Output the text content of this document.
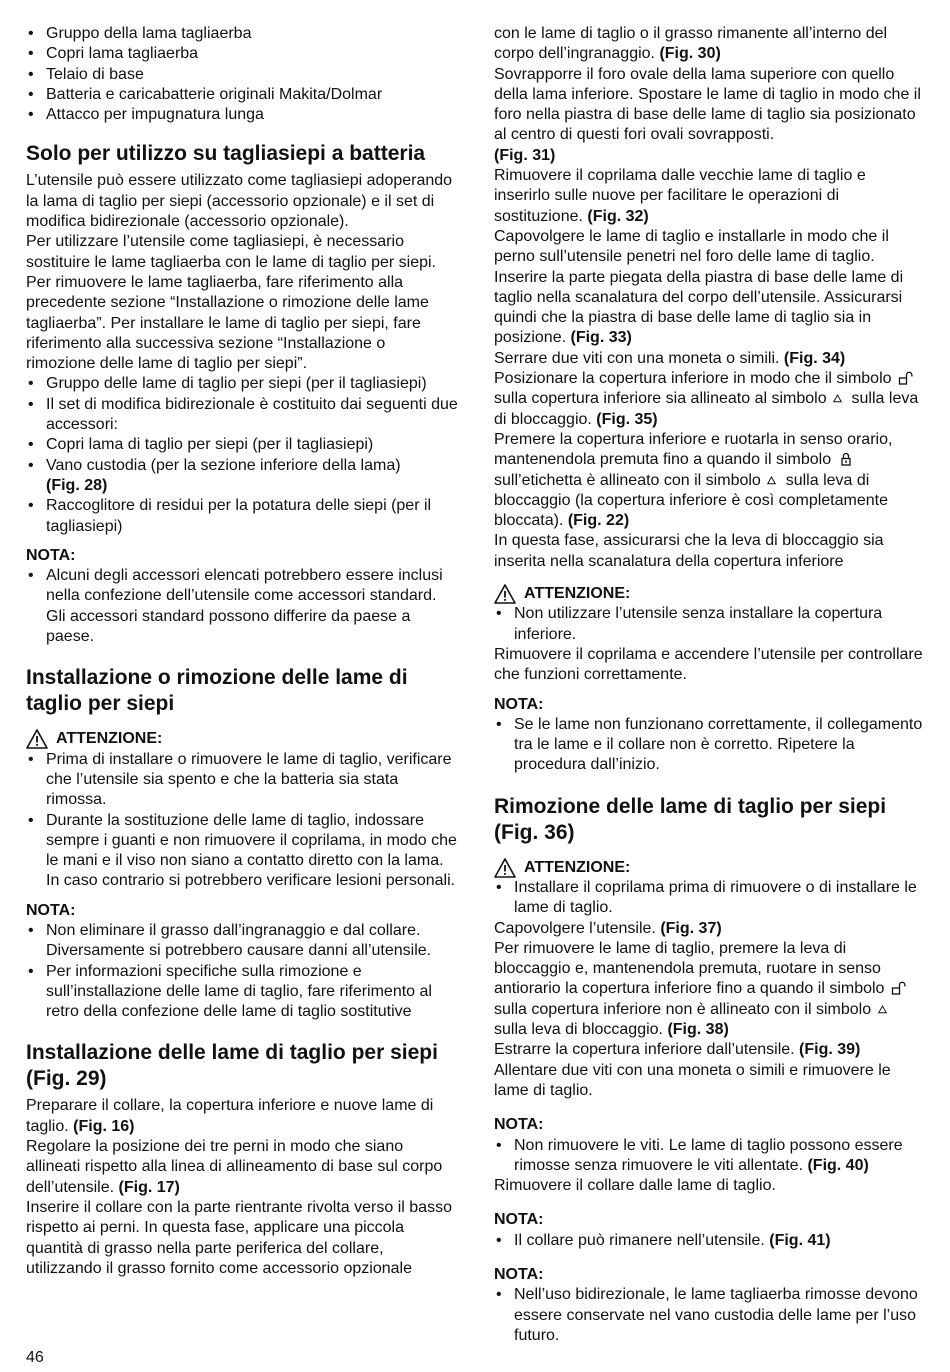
• Gruppo della lama tagliaerba
• Copri lama tagliaerba
• Telaio di base
• Batteria e caricabatterie originali Makita/Dolmar
• Attacco per impugnatura lunga
Solo per utilizzo su tagliasiepi a batteria

L’utensile può essere utilizzato come tagliasiepi adoperando la lama di taglio per siepi (accessorio opzionale) e il set di modifica bidirezionale (accessorio opzionale).

Per utilizzare l’utensile come tagliasiepi, è necessario sostituire le lame tagliaerba con le lame di taglio per siepi. Per rimuovere le lame tagliaerba, fare riferimento alla precedente sezione “Installazione o rimozione delle lame tagliaerba”. Per installare le lame di taglio per siepi, fare riferimento alla successiva sezione “Installazione o rimozione delle lame di taglio per siepi”.

• Gruppo delle lame di taglio per siepi (per il tagliasiepi)
• Il set di modifica bidirezionale è costituito dai seguenti due accessori:
• Copri lama di taglio per siepi (per il tagliasiepi)
• Vano custodia (per la sezione inferiore della lama)
(Fig. 28)
• Raccoglitore di residui per la potatura delle siepi (per il tagliasiepi)

NOTA:

• Alcuni degli accessori elencati potrebbero essere inclusi nella confezione dell’utensile come accessori standard. Gli accessori standard possono differire da paese a paese.
Installazione o rimozione delle lame di taglio per siepi
ATTENZIONE:
• Prima di installare o rimuovere le lame di taglio, verificare che l’utensile sia spento e che la batteria sia stata rimossa.
• Durante la sostituzione delle lame di taglio, indossare sempre i guanti e non rimuovere il coprilama, in modo che le mani e il viso non siano a contatto diretto con la lama. In caso contrario si potrebbero verificare lesioni personali.

NOTA:

• Non eliminare il grasso dall’ingranaggio e dal collare. Diversamente si potrebbero causare danni all’utensile.
• Per informazioni specifiche sulla rimozione e sull’installazione delle lame di taglio, fare riferimento al retro della confezione delle lame di taglio sostitutive
Installazione delle lame di taglio per siepi (Fig. 29)

Preparare il collare, la copertura inferiore e nuove lame di taglio. (Fig. 16)

Regolare la posizione dei tre perni in modo che siano allineati rispetto alla linea di allineamento di base sul corpo dell’utensile. (Fig. 17)

Inserire il collare con la parte rientrante rivolta verso il basso rispetto ai perni. In questa fase, applicare una piccola quantità di grasso nella parte periferica del collare, utilizzando il grasso fornito come accessorio opzionale

con le lame di taglio o il grasso rimanente all’interno del corpo dell’ingranaggio. (Fig. 30)

Sovrapporre il foro ovale della lama superiore con quello della lama inferiore. Spostare le lame di taglio in modo che il foro nella piastra di base delle lame di taglio sia posizionato al centro di questi fori ovali sovrapposti.
(Fig. 31)

Rimuovere il coprilama dalle vecchie lame di taglio e inserirlo sulle nuove per facilitare le operazioni di sostituzione. (Fig. 32)

Capovolgere le lame di taglio e installarle in modo che il perno sull’utensile penetri nel foro delle lame di taglio. Inserire la parte piegata della piastra di base delle lame di taglio nella scanalatura del corpo dell’utensile. Assicurarsi quindi che la piastra di base delle lame di taglio sia in posizione. (Fig. 33)

Serrare due viti con una moneta o simili. (Fig. 34)

Posizionare la copertura inferiore in modo che il simbolo  sulla copertura inferiore sia allineato al simbolo sulla leva di bloccaggio. (Fig. 35)

Premere la copertura inferiore e ruotarla in senso orario, mantenendola premuta fino a quando il simbolo  sull’etichetta è allineato con il simbolo sulla leva di bloccaggio (la copertura inferiore è così completamente bloccata). (Fig. 22)

In questa fase, assicurarsi che la leva di bloccaggio sia inserita nella scanalatura della copertura inferiore

ATTENZIONE:
• Non utilizzare l’utensile senza installare la copertura inferiore.

Rimuovere il coprilama e accendere l’utensile per controllare che funzioni correttamente.

NOTA:

• Se le lame non funzionano correttamente, il collegamento tra le lame e il collare non è corretto. Ripetere la procedura dall’inizio.
Rimozione delle lame di taglio per siepi (Fig. 36)
ATTENZIONE:
• Installare il coprilama prima di rimuovere o di installare le lame di taglio.

Capovolgere l’utensile. (Fig. 37)

Per rimuovere le lame di taglio, premere la leva di bloccaggio e, mantenendola premuta, ruotare in senso antiorario la copertura inferiore fino a quando il simbolo  sulla copertura inferiore non è allineato con il simbolo  sulla leva di bloccaggio. (Fig. 38)

Estrarre la copertura inferiore dall’utensile. (Fig. 39)

Allentare due viti con una moneta o simili e rimuovere le lame di taglio.

NOTA:

• Non rimuovere le viti. Le lame di taglio possono essere rimosse senza rimuovere le viti allentate. (Fig. 40)

Rimuovere il collare dalle lame di taglio.

NOTA:

• Il collare può rimanere nell’utensile. (Fig. 41)

NOTA:

• Nell’uso bidirezionale, le lame tagliaerba rimosse devono essere conservate nel vano custodia delle lame per l’uso futuro.
46
